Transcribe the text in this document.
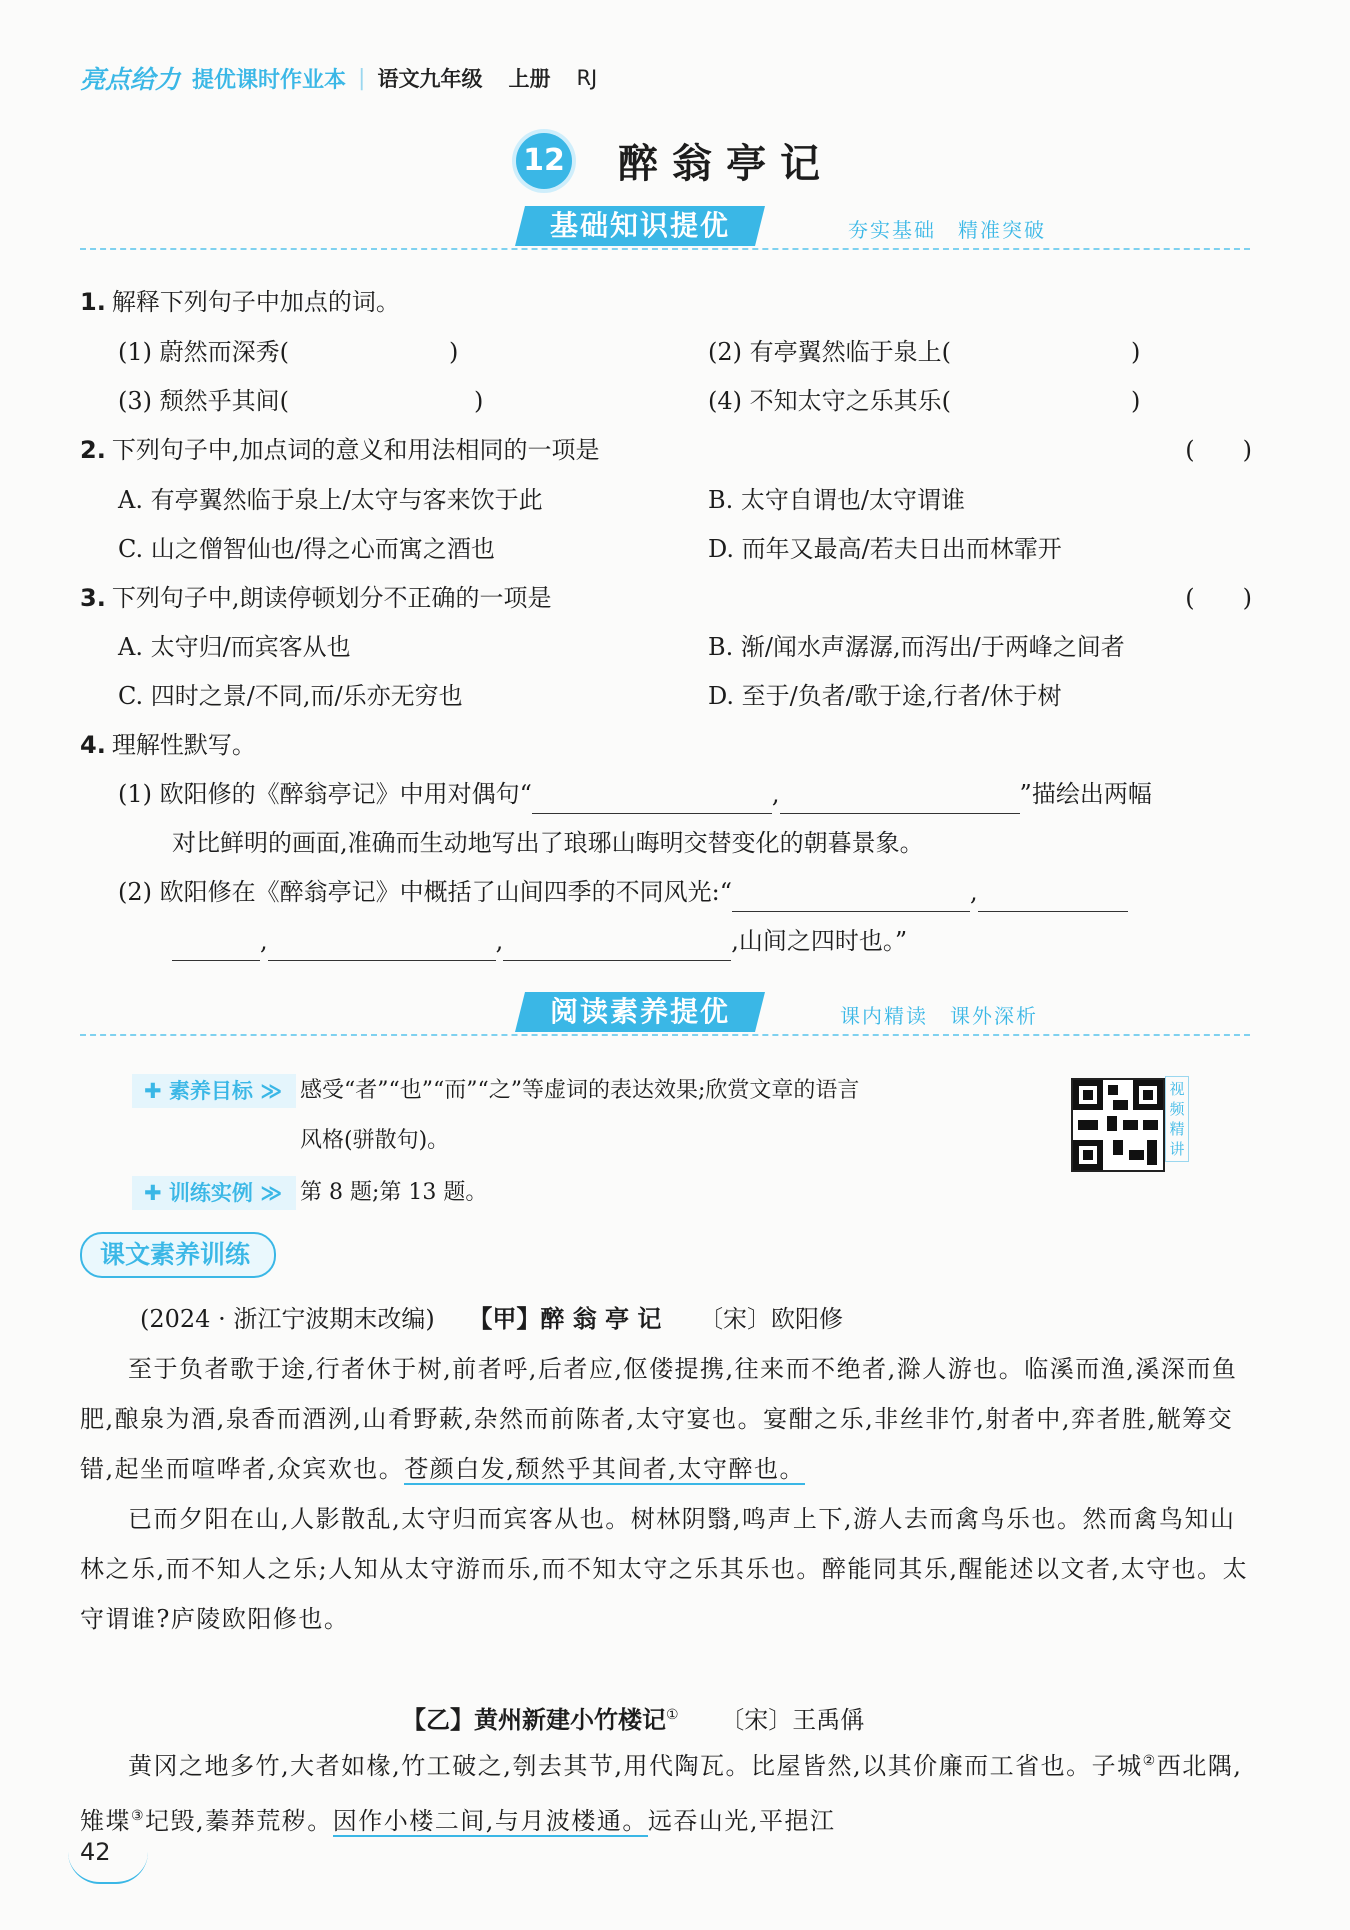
亮点给力 提优课时作业本 | 语文九年级 上册 RJ
12 醉翁亭记
基础知识提优	夯实基础　精准突破
1. 解释下列句子中加点的词。
(1) 蔚然而深秀(	)	(2) 有亭翼然临于泉上(	)
(3) 颓然乎其间(	)	(4) 不知太守之乐其乐(	)
2. 下列句子中,加点词的意义和用法相同的一项是	(　　)
A. 有亭翼然临于泉上/太守与客来饮于此	B. 太守自谓也/太守谓谁
C. 山之僧智仙也/得之心而寓之酒也	D. 而年又最高/若夫日出而林霏开
3. 下列句子中,朗读停顿划分不正确的一项是	(　　)
A. 太守归/而宾客从也	B. 渐/闻水声潺潺,而泻出/于两峰之间者
C. 四时之景/不同,而/乐亦无穷也	D. 至于/负者/歌于途,行者/休于树
4. 理解性默写。
(1) 欧阳修的《醉翁亭记》中用对偶句“	,	”描绘出两幅
对比鲜明的画面,准确而生动地写出了琅琊山晦明交替变化的朝暮景象。
(2) 欧阳修在《醉翁亭记》中概括了山间四季的不同风光:“	,
,	,	,山间之四时也。”
阅读素养提优	课内精读　课外深析
✚ 素养目标 ≫ 感受“者”“也”“而”“之”等虚词的表达效果;欣赏文章的语言
风格(骈散句)。
✚ 训练实例 ≫ 第 8 题;第 13 题。
视频精讲
课文素养训练
(2024 · 浙江宁波期末改编) 【甲】醉 翁 亭 记 〔宋〕欧阳修

至于负者歌于途,行者休于树,前者呼,后者应,伛偻提携,往来而不绝者,滁人游也。临溪而渔,溪深而鱼肥,酿泉为酒,泉香而酒洌,山肴野蔌,杂然而前陈者,太守宴也。宴酣之乐,非丝非竹,射者中,弈者胜,觥筹交错,起坐而喧哗者,众宾欢也。苍颜白发,颓然乎其间者,太守醉也。

已而夕阳在山,人影散乱,太守归而宾客从也。树林阴翳,鸣声上下,游人去而禽鸟乐也。然而禽鸟知山林之乐,而不知人之乐;人知从太守游而乐,而不知太守之乐其乐也。醉能同其乐,醒能述以文者,太守也。太守谓谁?庐陵欧阳修也。

【乙】黄州新建小竹楼记① 〔宋〕王禹偁

黄冈之地多竹,大者如椽,竹工破之,刳去其节,用代陶瓦。比屋皆然,以其价廉而工省也。子城②西北隅,雉堞③圮毁,蓁莽荒秽。因作小楼二间,与月波楼通。远吞山光,平挹江

42
